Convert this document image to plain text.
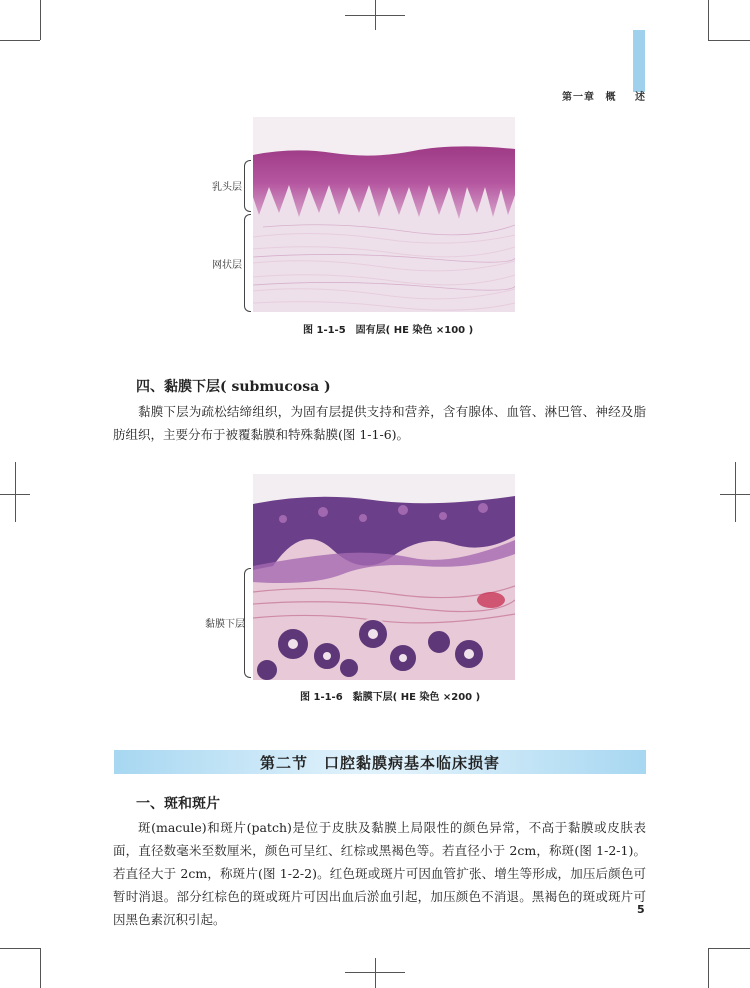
第一章 概 述
乳头层
网状层
图 1-1-5　固有层( HE 染色 ×100 )
四、黏膜下层( submucosa )
黏膜下层为疏松结缔组织，为固有层提供支持和营养，含有腺体、血管、淋巴管、神经及脂肪组织，主要分布于被覆黏膜和特殊黏膜(图 1-1-6)。
黏膜下层
图 1-1-6　黏膜下层( HE 染色 ×200 )
第二节　口腔黏膜病基本临床损害
一、斑和斑片
斑(macule)和斑片(patch)是位于皮肤及黏膜上局限性的颜色异常，不高于黏膜或皮肤表面，直径数毫米至数厘米，颜色可呈红、红棕或黑褐色等。若直径小于 2cm，称斑(图 1-2-1)。若直径大于 2cm，称斑片(图 1-2-2)。红色斑或斑片可因血管扩张、增生等形成，加压后颜色可暂时消退。部分红棕色的斑或斑片可因出血后淤血引起，加压颜色不消退。黑褐色的斑或斑片可因黑色素沉积引起。
5
